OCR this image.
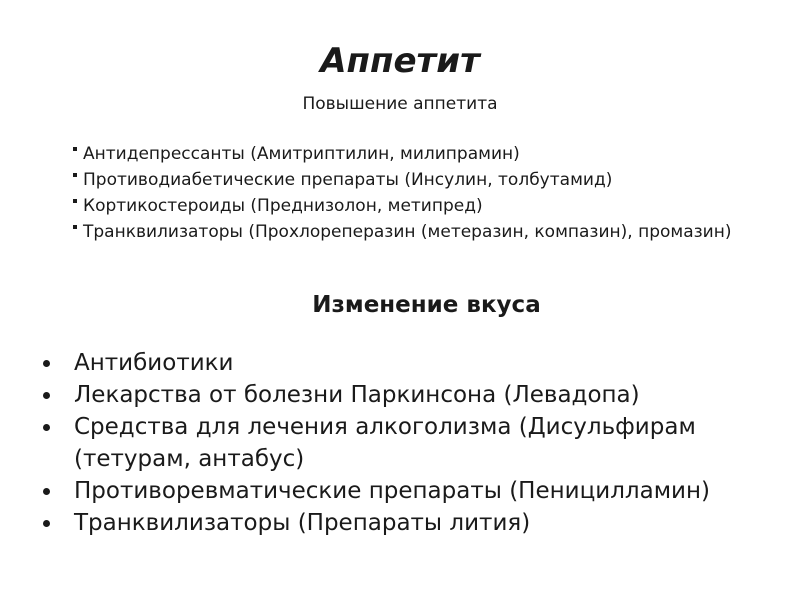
Аппетит

Повышение аппетита

Антидепрессанты (Амитриптилин, милипрамин)
Противодиабетические препараты (Инсулин, толбутамид)
Кортикостероиды (Преднизолон, метипред)
Транквилизаторы (Прохлоpеперазин (метеразин, компазин), промазин)
Изменение вкуса
Антибиотики
Лекарства от болезни Паркинсона (Левадопа)
Средства для лечения алкоголизма (Дисульфирам (тетурам, антабус)
Противоревматические препараты (Пеницилламин)
Транквилизаторы (Препараты лития)
